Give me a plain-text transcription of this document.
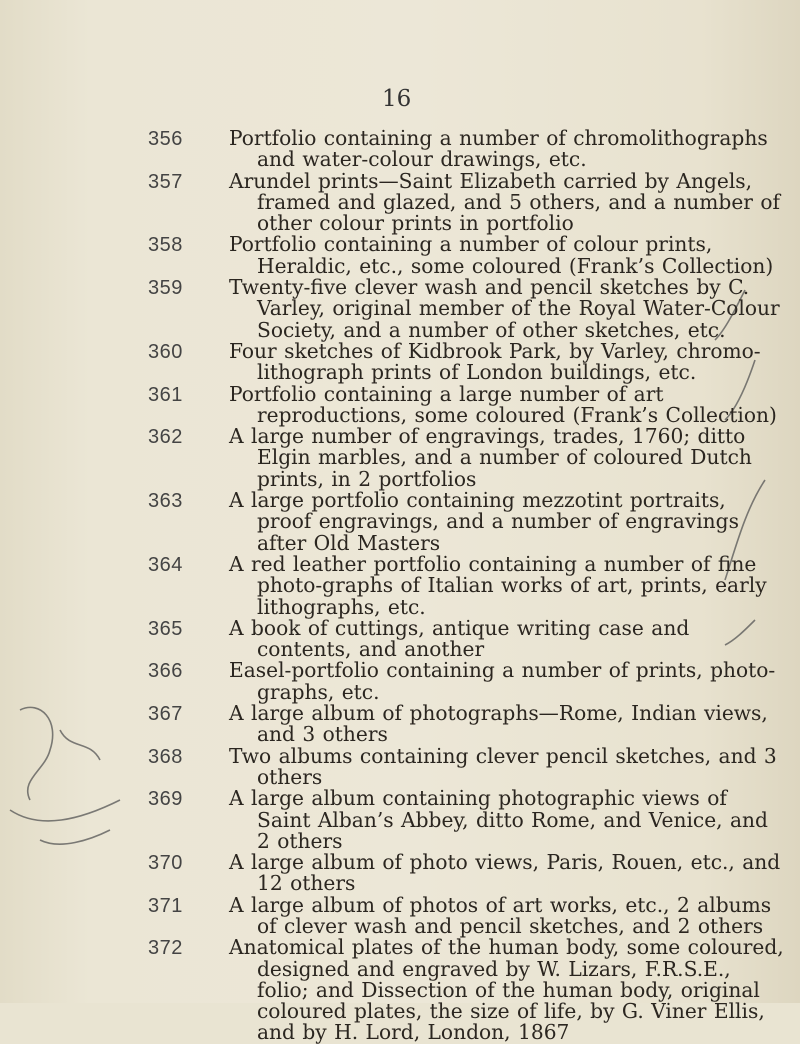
16
356 Portfolio containing a number of chromolithographs and water-colour drawings, etc.
357 Arundel prints—Saint Elizabeth carried by Angels, framed and glazed, and 5 others, and a number of other colour prints in portfolio
358 Portfolio containing a number of colour prints, Heraldic, etc., some coloured (Frank’s Collection)
359 Twenty-five clever wash and pencil sketches by C. Varley, original member of the Royal Water-Colour Society, and a number of other sketches, etc.
360 Four sketches of Kidbrook Park, by Varley, chromo-lithograph prints of London buildings, etc.
361 Portfolio containing a large number of art reproductions, some coloured (Frank’s Collection)
362 A large number of engravings, trades, 1760; ditto Elgin marbles, and a number of coloured Dutch prints, in 2 portfolios
363 A large portfolio containing mezzotint portraits, proof engravings, and a number of engravings after Old Masters
364 A red leather portfolio containing a number of fine photo-graphs of Italian works of art, prints, early lithographs, etc.
365 A book of cuttings, antique writing case and contents, and another
366 Easel-portfolio containing a number of prints, photo-graphs, etc.
367 A large album of photographs—Rome, Indian views, and 3 others
368 Two albums containing clever pencil sketches, and 3 others
369 A large album containing photographic views of Saint Alban’s Abbey, ditto Rome, and Venice, and 2 others
370 A large album of photo views, Paris, Rouen, etc., and 12 others
371 A large album of photos of art works, etc., 2 albums of clever wash and pencil sketches, and 2 others
372 Anatomical plates of the human body, some coloured, designed and engraved by W. Lizars, F.R.S.E., folio; and Dissection of the human body, original coloured plates, the size of life, by G. Viner Ellis, and by H. Lord, London, 1867
